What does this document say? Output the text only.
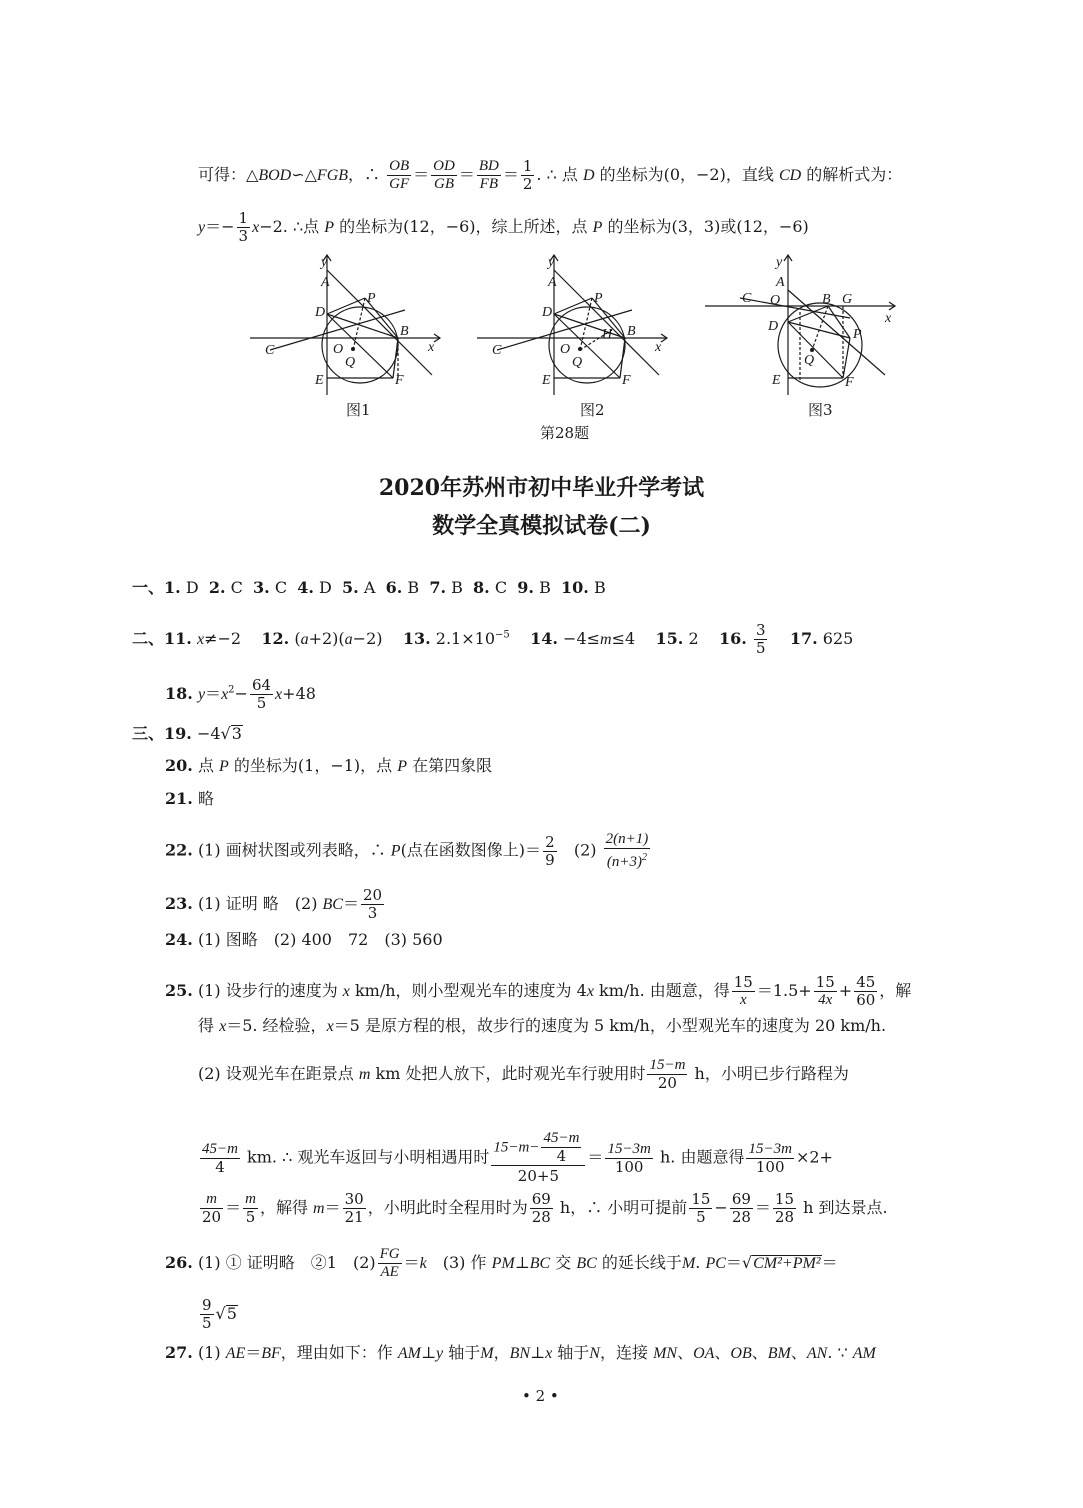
可得：△BOD∽△FGB，∴ $\frac{OB}{GF} = \frac{OD}{GB} = \frac{BD}{FB} = \frac{1}{2}$ . ∴ 点 D 的坐标为(0，−2)，直线 CD 的解析式为：
$y=- \frac{1}{3} x-2$. ∴点 P 的坐标为(12，−6)，综上所述，点 P 的坐标为(3，3)或(12，−6)
y
A
x
C
D
P
B
O
Q
E	F
y
A
x
C
D
P
B
H
O
Q
E	F
y
A
x
C O	B G
D
P
Q
E	F
图1	图2	图3
第28题
2020年苏州市初中毕业升学考试
数学全真模拟试卷(二)
一、1. D 2. C 3. C 4. D 5. A 6. B 7. B 8. C 9. B 10. B
二、11. x≠−2 12. (a+2)(a−2) 13. $2.1\times 10^{-5}$ 14. −4≤m≤4 15. 2 16. $\frac{3}{5} 17$. 625
18. $y=x^2- \frac{64}{5} x+48$
三、19. −4√3
20. 点 P 的坐标为(1，−1)，点 P 在第四象限
21. 略
22. (1) 画树状图或列表略，∴ P(点在函数图像上)＝ $\frac{2}{9} (2) \frac{2(n+1)}{(n+3)^2}$
23. (1) 证明 略　(2) $BC= \frac{20}{3}$
24. (1) 图略　(2) 400　72　(3) 560
25. (1) 设步行的速度为 x km/h，则小型观光车的速度为 4x km/h. 由题意，得 $\frac{15}{x} =1.5+ \frac{15}{4x} + \frac{45}{60}$ ，解
得 x＝5. 经检验，x＝5 是原方程的根，故步行的速度为 5 km/h，小型观光车的速度为 20 km/h.
(2) 设观光车在距景点 m km 处把人放下，此时观光车行驶用时 $\frac{15-m}{20}$ h，小明已步行路程为
$\frac{45-m}{4}$ km. ∴ 观光车返回与小明相遇用时 $\frac{15-m- \frac{45-m}{4}}{20+5} = \frac{15-3m}{100} h$. 由题意得 $\frac{15-3m}{100} \times 2+$
$\frac{m}{20} = \frac{m}{5}$ ，解得 $m= \frac{30}{21}$ ，小明此时全程用时为 $\frac{69}{28}$ h，∴ 小明可提前 $\frac{15}{5} - \frac{69}{28} = \frac{15}{28}$ h 到达景点.
26. (1) ① 证明略　②1　$(2) \frac{FG}{AE} =k$　(3) 作 PM⊥BC 交 BC 的延长线于M. PC＝√CM²+PM²＝
$\frac{9}{5} √5$
27. (1) AE＝BF，理由如下：作 AM⊥y 轴于M，BN⊥x 轴于N，连接 MN、OA、OB、BM、AN. ∵ AM
• 2 •
